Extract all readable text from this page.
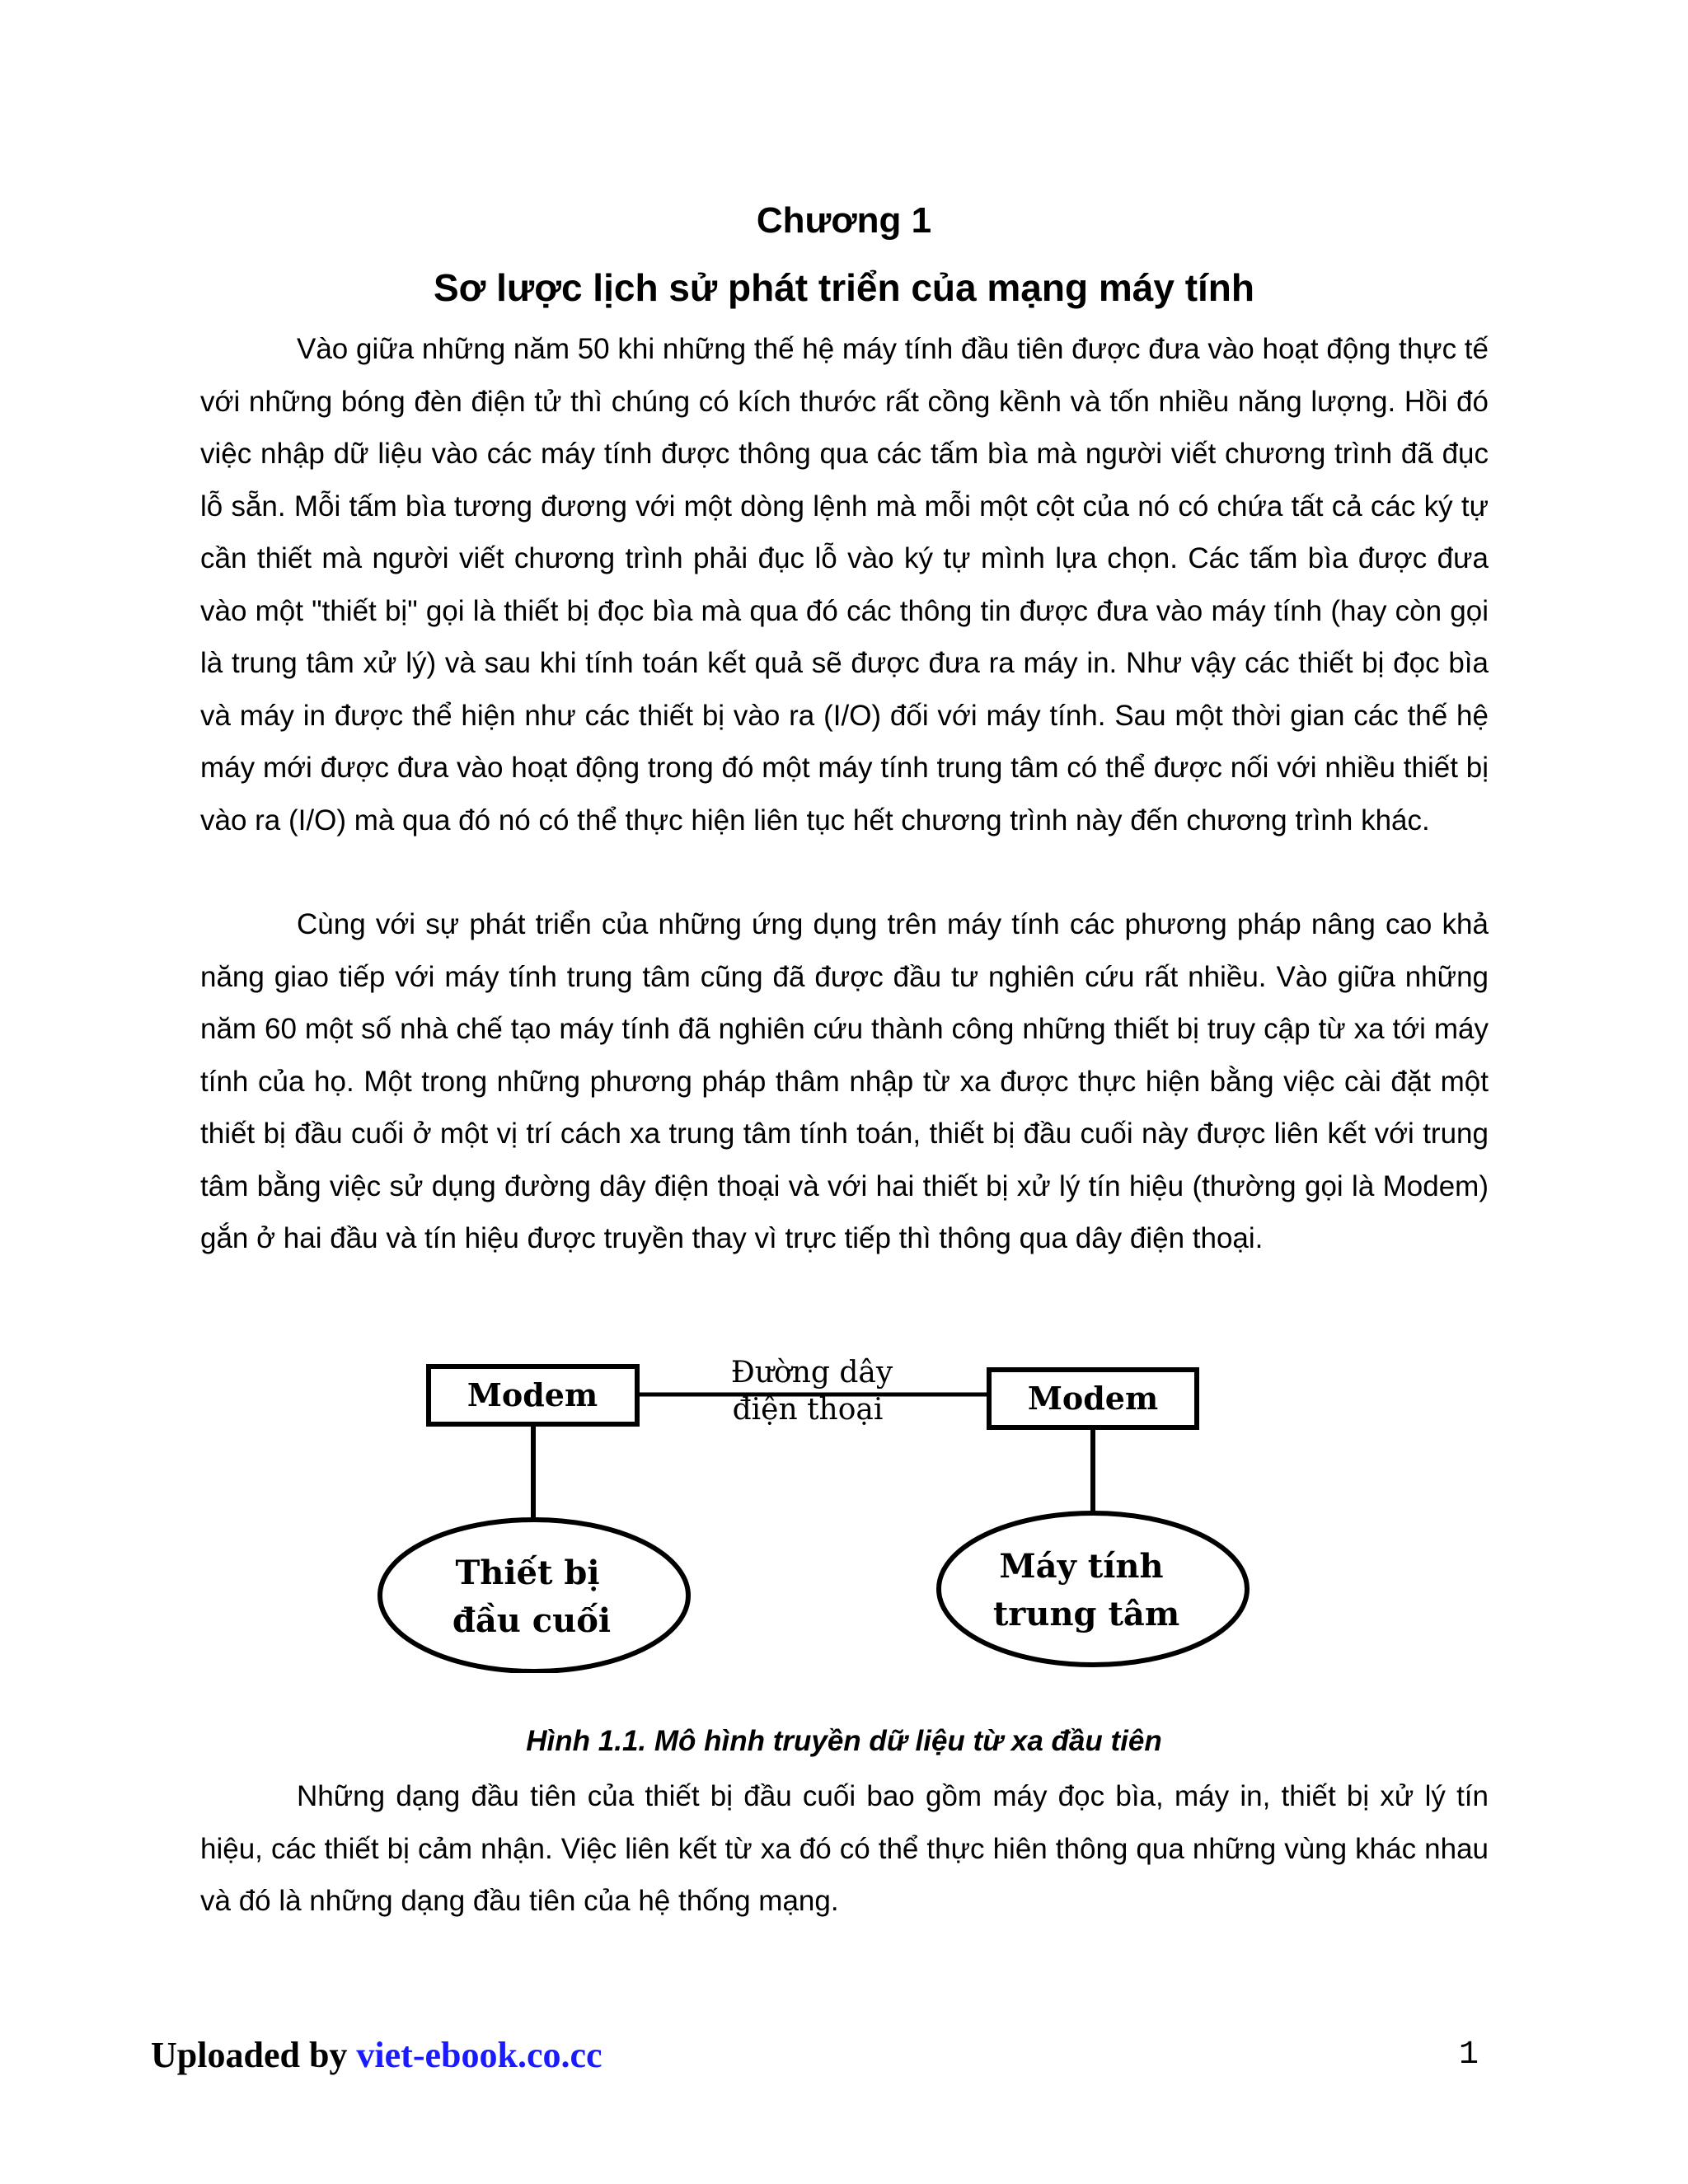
Chương 1
Sơ lược lịch sử phát triển của mạng máy tính

Vào giữa những năm 50 khi những thế hệ máy tính đầu tiên được đưa vào hoạt động thực tế với những bóng đèn điện tử thì chúng có kích thước rất cồng kềnh và tốn nhiều năng lượng. Hồi đó việc nhập dữ liệu vào các máy tính được thông qua các tấm bìa mà người viết chương trình đã đục lỗ sẵn. Mỗi tấm bìa tương đương với một dòng lệnh mà mỗi một cột của nó có chứa tất cả các ký tự cần thiết mà người viết chương trình phải đục lỗ vào ký tự mình lựa chọn. Các tấm bìa được đưa vào một "thiết bị" gọi là thiết bị đọc bìa mà qua đó các thông tin được đưa vào máy tính (hay còn gọi là trung tâm xử lý) và sau khi tính toán kết quả sẽ được đưa ra máy in. Như vậy các thiết bị đọc bìa và máy in được thể hiện như các thiết bị vào ra (I/O) đối với máy tính. Sau một thời gian các thế hệ máy mới được đưa vào hoạt động trong đó một máy tính trung tâm có thể được nối với nhiều thiết bị vào ra (I/O) mà qua đó nó có thể thực hiện liên tục hết chương trình này đến chương trình khác.

Cùng với sự phát triển của những ứng dụng trên máy tính các phương pháp nâng cao khả năng giao tiếp với máy tính trung tâm cũng đã được đầu tư nghiên cứu rất nhiều. Vào giữa những năm 60 một số nhà chế tạo máy tính đã nghiên cứu thành công những thiết bị truy cập từ xa tới máy tính của họ. Một trong những phương pháp thâm nhập từ xa được thực hiện bằng việc cài đặt một thiết bị đầu cuối ở một vị trí cách xa trung tâm tính toán, thiết bị đầu cuối này được liên kết với trung tâm bằng việc sử dụng đường dây điện thoại và với hai thiết bị xử lý tín hiệu (thường gọi là Modem) gắn ở hai đầu và tín hiệu được truyền thay vì trực tiếp thì thông qua dây điện thoại.

Modem	Modem
Đường dây
điện thoại
Thiết bị
đầu cuối
Máy tính
trung tâm
Hình 1.1. Mô hình truyền dữ liệu từ xa đầu tiên

Những dạng đầu tiên của thiết bị đầu cuối bao gồm máy đọc bìa, máy in, thiết bị xử lý tín hiệu, các thiết bị cảm nhận. Việc liên kết từ xa đó có thể thực hiên thông qua những vùng khác nhau và đó là những dạng đầu tiên của hệ thống mạng.

Uploaded by viet-ebook.co.cc	1
